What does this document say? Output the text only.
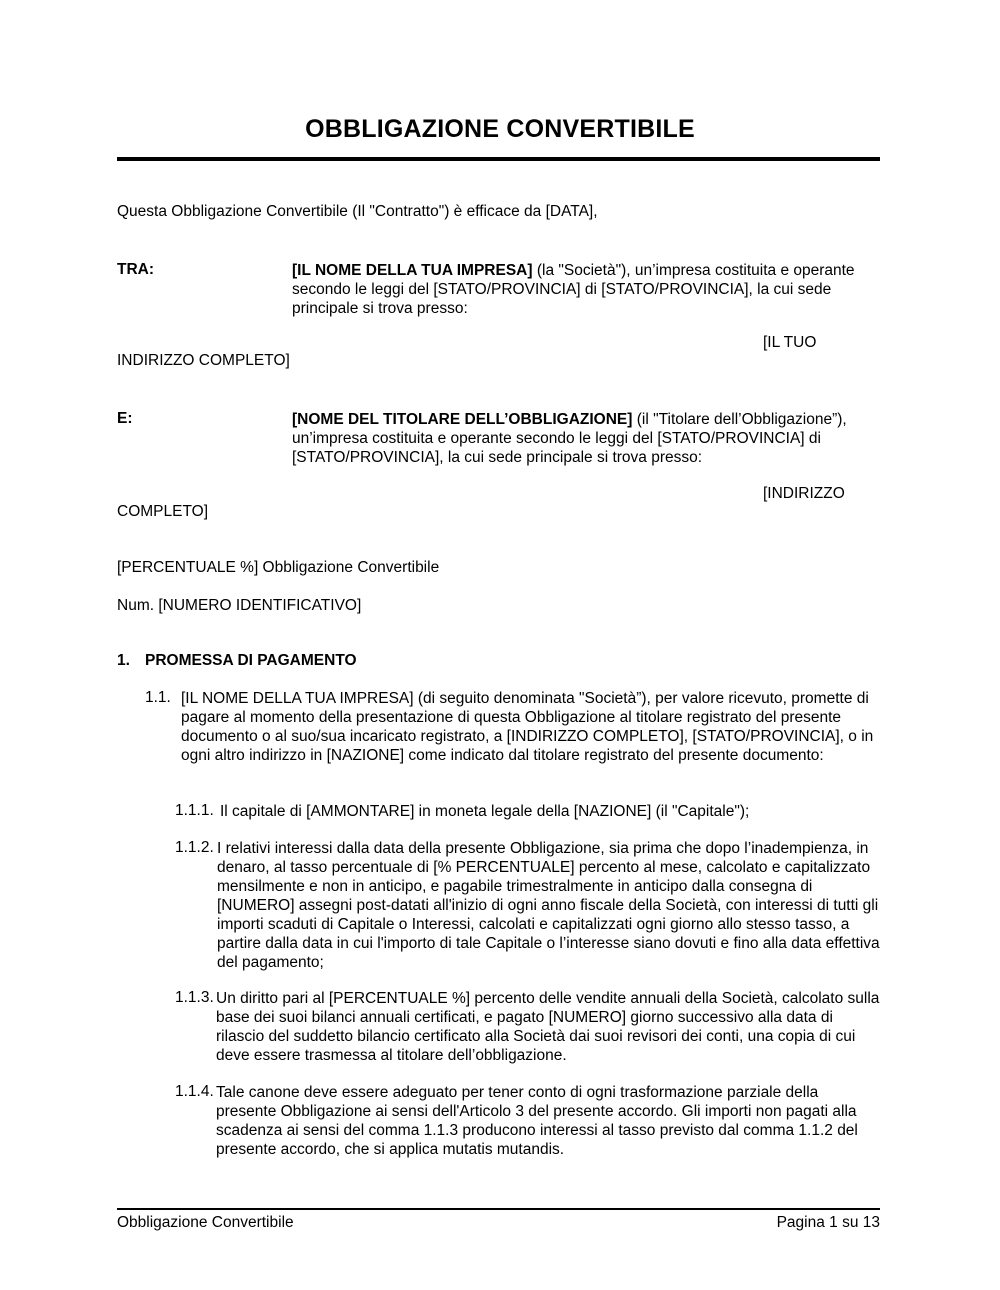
OBBLIGAZIONE CONVERTIBILE
Questa Obbligazione Convertibile (Il "Contratto") è efficace da [DATA],
TRA:	[IL NOME DELLA TUA IMPRESA] (la "Società"), un’impresa costituita e operante secondo le leggi del [STATO/PROVINCIA] di [STATO/PROVINCIA], la cui sede principale si trova presso:
[IL TUO
INDIRIZZO COMPLETO]
E:	[NOME DEL TITOLARE DELL’OBBLIGAZIONE] (il "Titolare dell’Obbligazione”), un’impresa costituita e operante secondo le leggi del [STATO/PROVINCIA] di [STATO/PROVINCIA], la cui sede principale si trova presso:
[INDIRIZZO
COMPLETO]
[PERCENTUALE %] Obbligazione Convertibile
Num. [NUMERO IDENTIFICATIVO]
1. PROMESSA DI PAGAMENTO
1.1. [IL NOME DELLA TUA IMPRESA] (di seguito denominata "Società”), per valore ricevuto, promette di pagare al momento della presentazione di questa Obbligazione al titolare registrato del presente documento o al suo/sua incaricato registrato, a [INDIRIZZO COMPLETO], [STATO/PROVINCIA], o in ogni altro indirizzo in [NAZIONE] come indicato dal titolare registrato del presente documento:
1.1.1. Il capitale di [AMMONTARE] in moneta legale della [NAZIONE] (il "Capitale");
1.1.2. I relativi interessi dalla data della presente Obbligazione, sia prima che dopo l’inadempienza, in denaro, al tasso percentuale di [% PERCENTUALE] percento al mese, calcolato e capitalizzato mensilmente e non in anticipo, e pagabile trimestralmente in anticipo dalla consegna di [NUMERO] assegni post-datati all'inizio di ogni anno fiscale della Società, con interessi di tutti gli importi scaduti di Capitale o Interessi, calcolati e capitalizzati ogni giorno allo stesso tasso, a partire dalla data in cui l'importo di tale Capitale o l’interesse siano dovuti e fino alla data effettiva del pagamento;
1.1.3. Un diritto pari al [PERCENTUALE %] percento delle vendite annuali della Società, calcolato sulla base dei suoi bilanci annuali certificati, e pagato [NUMERO] giorno successivo alla data di rilascio del suddetto bilancio certificato alla Società dai suoi revisori dei conti, una copia di cui deve essere trasmessa al titolare dell’obbligazione.
1.1.4. Tale canone deve essere adeguato per tener conto di ogni trasformazione parziale della presente Obbligazione ai sensi dell'Articolo 3 del presente accordo. Gli importi non pagati alla scadenza ai sensi del comma 1.1.3 producono interessi al tasso previsto dal comma 1.1.2 del presente accordo, che si applica mutatis mutandis.
Obbligazione Convertibile	Pagina 1 su 13
